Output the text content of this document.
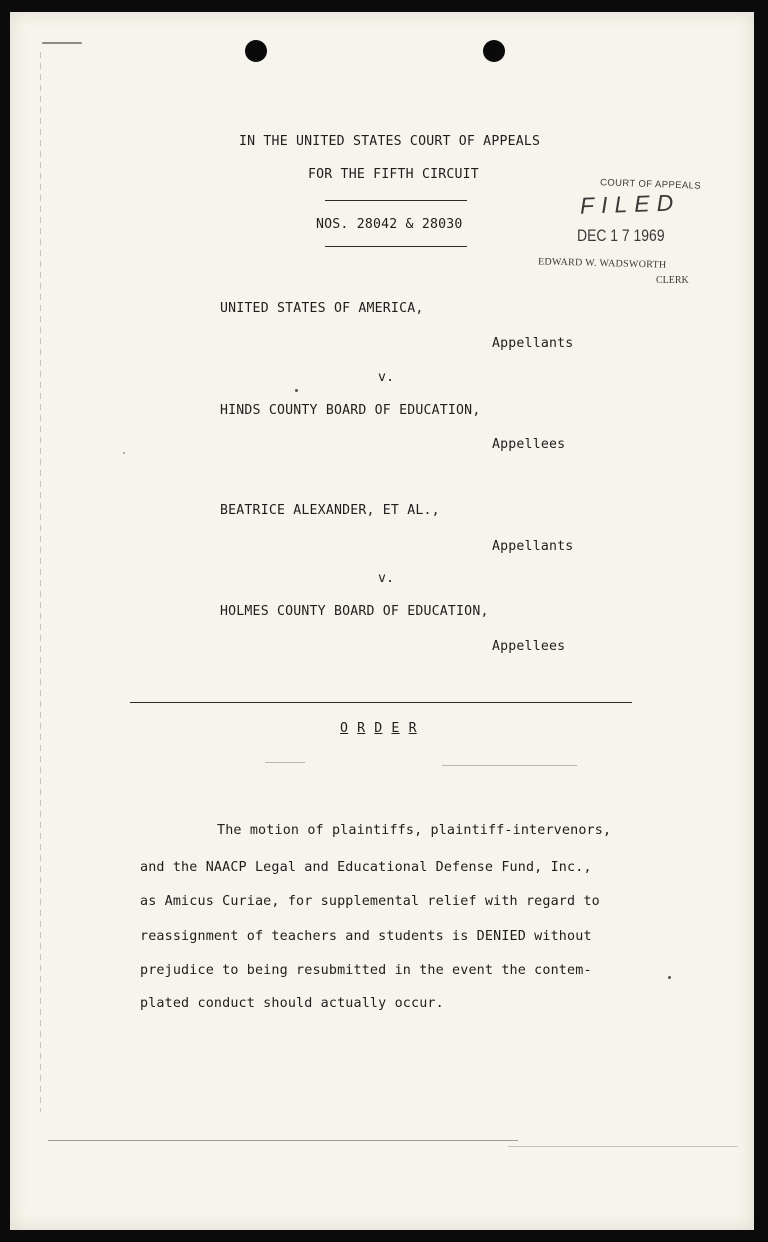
IN THE UNITED STATES COURT OF APPEALS
FOR THE FIFTH CIRCUIT
NOS. 28042 & 28030
COURT OF APPEALS
FILED
DEC 1 7 1969
EDWARD W. WADSWORTH
CLERK
UNITED STATES OF AMERICA,
Appellants
v.
HINDS COUNTY BOARD OF EDUCATION,
Appellees
BEATRICE ALEXANDER, ET AL.,
Appellants
v.
HOLMES COUNTY BOARD OF EDUCATION,
Appellees
O R D E R
The motion of plaintiffs, plaintiff-intervenors,
and the NAACP Legal and Educational Defense Fund, Inc.,
as Amicus Curiae, for supplemental relief with regard to
reassignment of teachers and students is DENIED without
prejudice to being resubmitted in the event the contem-
plated conduct should actually occur.
